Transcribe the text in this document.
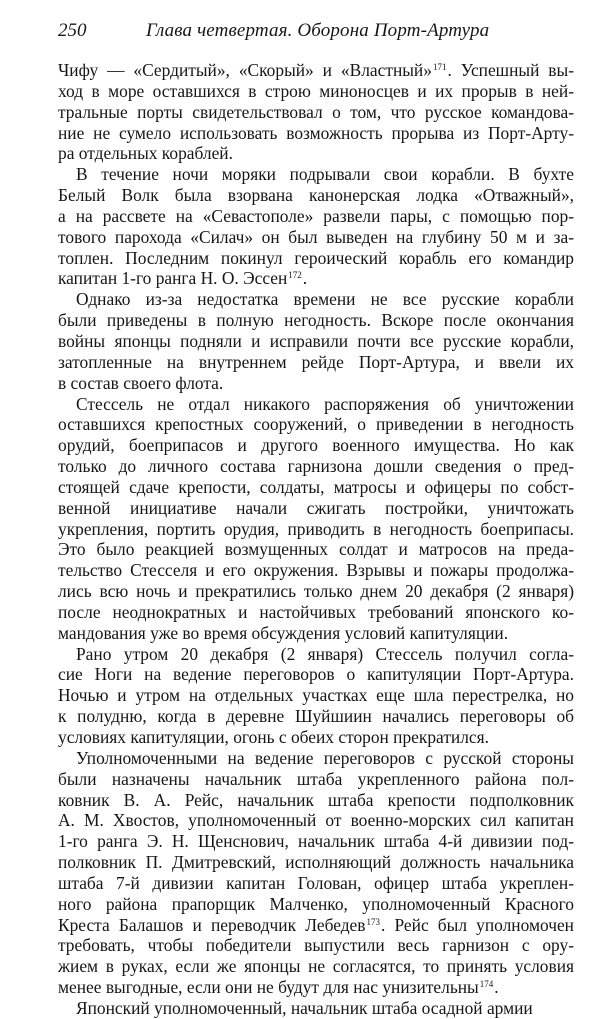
250	Глава четвертая. Оборона Порт-Артура
Чифу — «Сердитый», «Скорый» и «Властный»$^{171}$. Успешный вы-
ход в море оставшихся в строю миноносцев и их прорыв в ней-
тральные порты свидетельствовал о том, что русское командова-
ние не сумело использовать возможность прорыва из Порт-Арту-
ра отдельных кораблей.
В течение ночи моряки подрывали свои корабли. В бухте
Белый Волк была взорвана канонерская лодка «Отважный»,
а на рассвете на «Севастополе» развели пары, с помощью пор-
тового парохода «Силач» он был выведен на глубину 50 м и за-
топлен. Последним покинул героический корабль его командир
капитан 1-го ранга Н. О. Эссен$^{172}$.
Однако из-за недостатка времени не все русские корабли
были приведены в полную негодность. Вскоре после окончания
войны японцы подняли и исправили почти все русские корабли,
затопленные на внутреннем рейде Порт-Артура, и ввели их
в состав своего флота.
Стессель не отдал никакого распоряжения об уничтожении
оставшихся крепостных сооружений, о приведении в негодность
орудий, боеприпасов и другого военного имущества. Но как
только до личного состава гарнизона дошли сведения о пред-
стоящей сдаче крепости, солдаты, матросы и офицеры по собст-
венной инициативе начали сжигать постройки, уничтожать
укрепления, портить орудия, приводить в негодность боеприпасы.
Это было реакцией возмущенных солдат и матросов на преда-
тельство Стесселя и его окружения. Взрывы и пожары продолжа-
лись всю ночь и прекратились только днем 20 декабря (2 января)
после неоднократных и настойчивых требований японского ко-
мандования уже во время обсуждения условий капитуляции.
Рано утром 20 декабря (2 января) Стессель получил согла-
сие Ноги на ведение переговоров о капитуляции Порт-Артура.
Ночью и утром на отдельных участках еще шла перестрелка, но
к полудню, когда в деревне Шуйшиин начались переговоры об
условиях капитуляции, огонь с обеих сторон прекратился.
Уполномоченными на ведение переговоров с русской стороны
были назначены начальник штаба укрепленного района пол-
ковник В. А. Рейс, начальник штаба крепости подполковник
А. М. Хвостов, уполномоченный от военно-морских сил капитан
1-го ранга Э. Н. Щенснович, начальник штаба 4-й дивизии под-
полковник П. Дмитревский, исполняющий должность начальника
штаба 7-й дивизии капитан Голован, офицер штаба укреплен-
ного района прапорщик Малченко, уполномоченный Красного
Креста Балашов и переводчик Лебедев$^{173}$. Рейс был уполномочен
требовать, чтобы победители выпустили весь гарнизон с ору-
жием в руках, если же японцы не согласятся, то принять условия
менее выгодные, если они не будут для нас унизительны$^{174}$.
Японский уполномоченный, начальник штаба осадной армии
